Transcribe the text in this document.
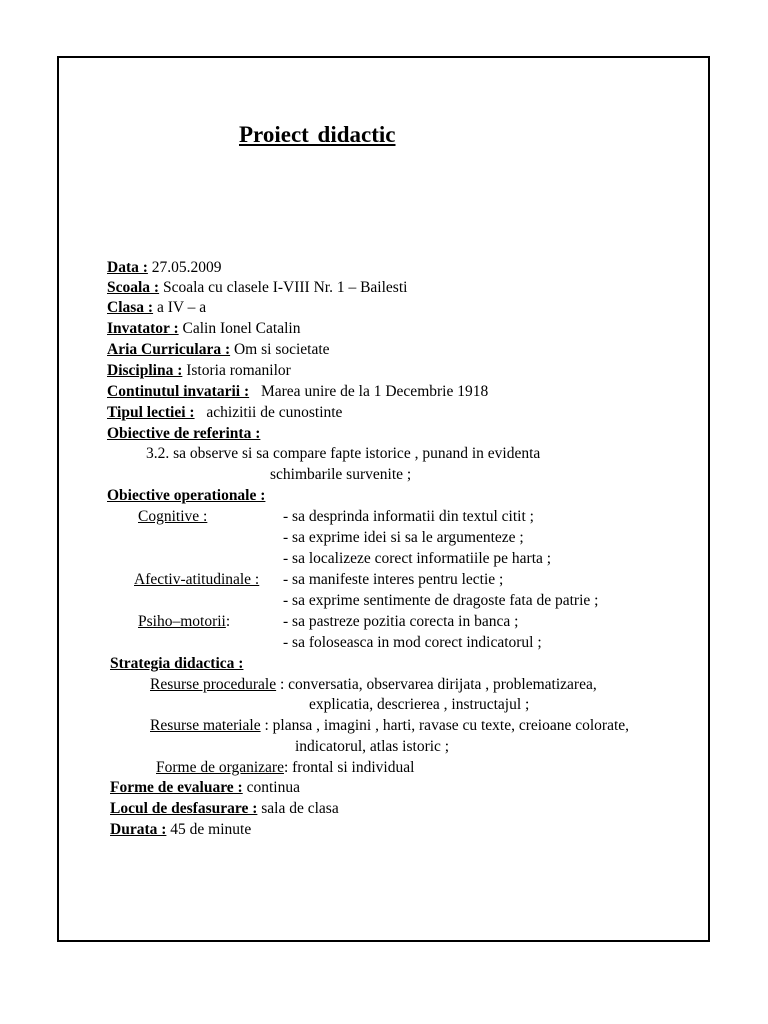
Proiect didactic
Data : 27.05.2009
Scoala : Scoala cu clasele I-VIII Nr. 1 – Bailesti
Clasa : a IV – a
Invatator : Calin Ionel Catalin
Aria Curriculara : Om si societate
Disciplina : Istoria romanilor
Continutul invatarii : Marea unire de la 1 Decembrie 1918
Tipul lectiei : achizitii de cunostinte
Obiective de referinta :
3.2. sa observe si sa compare fapte istorice , punand in evidenta
schimbarile survenite ;
Obiective operationale :
Cognitive :	- sa desprinda informatii din textul citit ;
- sa exprime idei si sa le argumenteze ;
- sa localizeze corect informatiile pe harta ;
Afectiv-atitudinale : - sa manifeste interes pentru lectie ;
- sa exprime sentimente de dragoste fata de patrie ;
Psiho–motorii:	- sa pastreze pozitia corecta in banca ;
- sa foloseasca in mod corect indicatorul ;
Strategia didactica :
Resurse procedurale : conversatia, observarea dirijata , problematizarea,
explicatia, descrierea , instructajul ;
Resurse materiale : plansa , imagini , harti, ravase cu texte, creioane colorate,
indicatorul, atlas istoric ;
Forme de organizare: frontal si individual
Forme de evaluare : continua
Locul de desfasurare : sala de clasa
Durata : 45 de minute
